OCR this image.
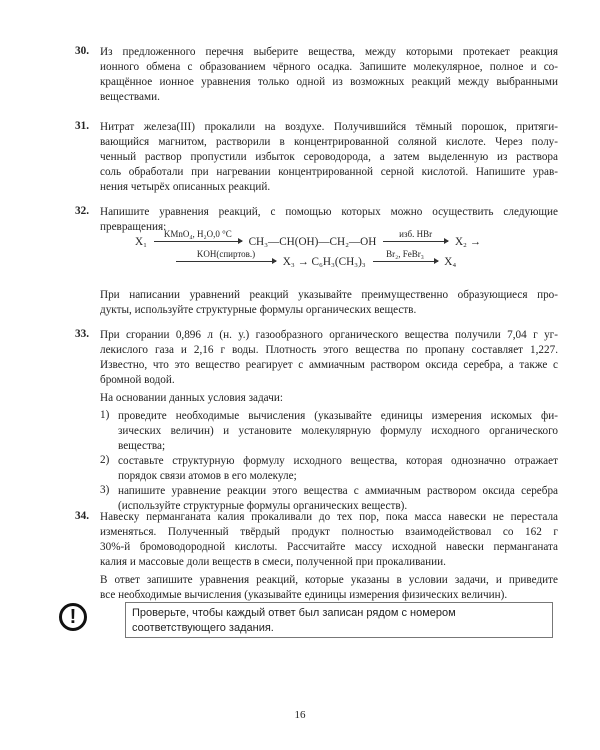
30. Из предложенного перечня выберите вещества, между которыми протекает реакция
ионного обмена с образованием чёрного осадка. Запишите молекулярное, полное и со-
кращённое ионное уравнения только одной из возможных реакций между выбранными
веществами.
31. Нитрат железа(III) прокалили на воздухе. Получившийся тёмный порошок, притяги-
вающийся магнитом, растворили в концентрированной соляной кислоте. Через полу-
ченный раствор пропустили избыток сероводорода, а затем выделенную из раствора
соль обработали при нагревании концентрированной серной кислотой. Напишите урав-
нения четырёх описанных реакций.
32. Напишите уравнения реакций, с помощью которых можно осуществить следующие
превращения:
X₁
KMnO₄, H₂O,0 °C
CH₃—CH(OH)—CH₂—OH
изб. HBr
X₂ →
KOH(спиртов.)
X₃ → C₆H₃(CH₃)₃
Br₂, FeBr₃
X₄
При написании уравнений реакций указывайте преимущественно образующиеся про-
дукты, используйте структурные формулы органических веществ.
33. При сгорании 0,896 л (н. у.) газообразного органического вещества получили 7,04 г уг-
лекислого газа и 2,16 г воды. Плотность этого вещества по пропану составляет 1,227.
Известно, что это вещество реагирует с аммиачным раствором оксида серебра, а также с
бромной водой.
На основании данных условия задачи:
1) проведите необходимые вычисления (указывайте единицы измерения искомых фи-
зических величин) и установите молекулярную формулу исходного органического
вещества;
2) составьте структурную формулу исходного вещества, которая однозначно отражает
порядок связи атомов в его молекуле;
3) напишите уравнение реакции этого вещества с аммиачным раствором оксида серебра
(используйте структурные формулы органических веществ).
34. Навеску перманганата калия прокаливали до тех пор, пока масса навески не перестала
изменяться. Полученный твёрдый продукт полностью взаимодействовал со 162 г
30%-й бромоводородной кислоты. Рассчитайте массу исходной навески перманганата
калия и массовые доли веществ в смеси, полученной при прокаливании.
В ответ запишите уравнения реакций, которые указаны в условии задачи, и приведите
все необходимые вычисления (указывайте единицы измерения физических величин).
!	Проверьте, чтобы каждый ответ был записан рядом с номером соответствующего задания.
16
